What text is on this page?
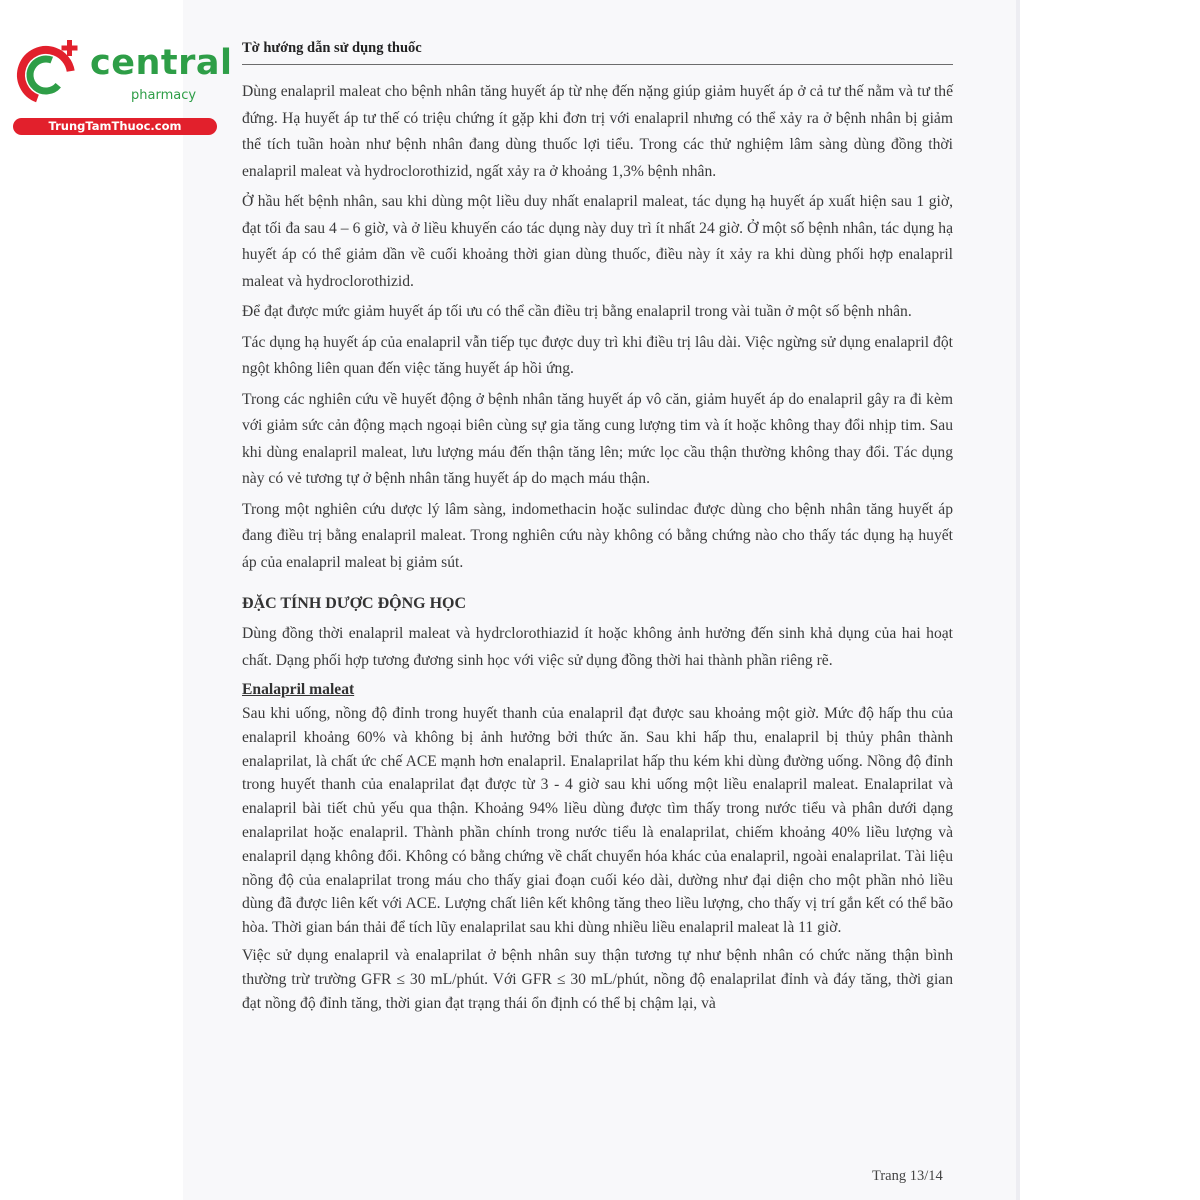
central
pharmacy
TrungTamThuoc.com
Tờ hướng dẫn sử dụng thuốc

Dùng enalapril maleat cho bệnh nhân tăng huyết áp từ nhẹ đến nặng giúp giảm huyết áp ở cả tư thế nằm và tư thế đứng. Hạ huyết áp tư thế có triệu chứng ít gặp khi đơn trị với enalapril nhưng có thể xảy ra ở bệnh nhân bị giảm thể tích tuần hoàn như bệnh nhân đang dùng thuốc lợi tiểu. Trong các thử nghiệm lâm sàng dùng đồng thời enalapril maleat và hydroclorothizid, ngất xảy ra ở khoảng 1,3% bệnh nhân.

Ở hầu hết bệnh nhân, sau khi dùng một liều duy nhất enalapril maleat, tác dụng hạ huyết áp xuất hiện sau 1 giờ, đạt tối đa sau 4 – 6 giờ, và ở liều khuyến cáo tác dụng này duy trì ít nhất 24 giờ. Ở một số bệnh nhân, tác dụng hạ huyết áp có thể giảm dần về cuối khoảng thời gian dùng thuốc, điều này ít xảy ra khi dùng phối hợp enalapril maleat và hydroclorothizid.

Để đạt được mức giảm huyết áp tối ưu có thể cần điều trị bằng enalapril trong vài tuần ở một số bệnh nhân.

Tác dụng hạ huyết áp của enalapril vẫn tiếp tục được duy trì khi điều trị lâu dài. Việc ngừng sử dụng enalapril đột ngột không liên quan đến việc tăng huyết áp hồi ứng.

Trong các nghiên cứu về huyết động ở bệnh nhân tăng huyết áp vô căn, giảm huyết áp do enalapril gây ra đi kèm với giảm sức cản động mạch ngoại biên cùng sự gia tăng cung lượng tim và ít hoặc không thay đổi nhịp tim. Sau khi dùng enalapril maleat, lưu lượng máu đến thận tăng lên; mức lọc cầu thận thường không thay đổi. Tác dụng này có vẻ tương tự ở bệnh nhân tăng huyết áp do mạch máu thận.

Trong một nghiên cứu dược lý lâm sàng, indomethacin hoặc sulindac được dùng cho bệnh nhân tăng huyết áp đang điều trị bằng enalapril maleat. Trong nghiên cứu này không có bằng chứng nào cho thấy tác dụng hạ huyết áp của enalapril maleat bị giảm sút.

ĐẶC TÍNH DƯỢC ĐỘNG HỌC

Dùng đồng thời enalapril maleat và hydrclorothiazid ít hoặc không ảnh hưởng đến sinh khả dụng của hai hoạt chất. Dạng phối hợp tương đương sinh học với việc sử dụng đồng thời hai thành phần riêng rẽ.

Enalapril maleat

Sau khi uống, nồng độ đỉnh trong huyết thanh của enalapril đạt được sau khoảng một giờ. Mức độ hấp thu của enalapril khoảng 60% và không bị ảnh hưởng bởi thức ăn. Sau khi hấp thu, enalapril bị thủy phân thành enalaprilat, là chất ức chế ACE mạnh hơn enalapril. Enalaprilat hấp thu kém khi dùng đường uống. Nồng độ đỉnh trong huyết thanh của enalaprilat đạt được từ 3 - 4 giờ sau khi uống một liều enalapril maleat. Enalaprilat và enalapril bài tiết chủ yếu qua thận. Khoảng 94% liều dùng được tìm thấy trong nước tiểu và phân dưới dạng enalaprilat hoặc enalapril. Thành phần chính trong nước tiểu là enalaprilat, chiếm khoảng 40% liều lượng và enalapril dạng không đổi. Không có bằng chứng về chất chuyển hóa khác của enalapril, ngoài enalaprilat. Tài liệu nồng độ của enalaprilat trong máu cho thấy giai đoạn cuối kéo dài, dường như đại diện cho một phần nhỏ liều dùng đã được liên kết với ACE. Lượng chất liên kết không tăng theo liều lượng, cho thấy vị trí gắn kết có thể bão hòa. Thời gian bán thải để tích lũy enalaprilat sau khi dùng nhiều liều enalapril maleat là 11 giờ.

Việc sử dụng enalapril và enalaprilat ở bệnh nhân suy thận tương tự như bệnh nhân có chức năng thận bình thường trừ trường GFR ≤ 30 mL/phút. Với GFR ≤ 30 mL/phút, nồng độ enalaprilat đỉnh và đáy tăng, thời gian đạt nồng độ đỉnh tăng, thời gian đạt trạng thái ổn định có thể bị chậm lại, và

Trang 13/14
